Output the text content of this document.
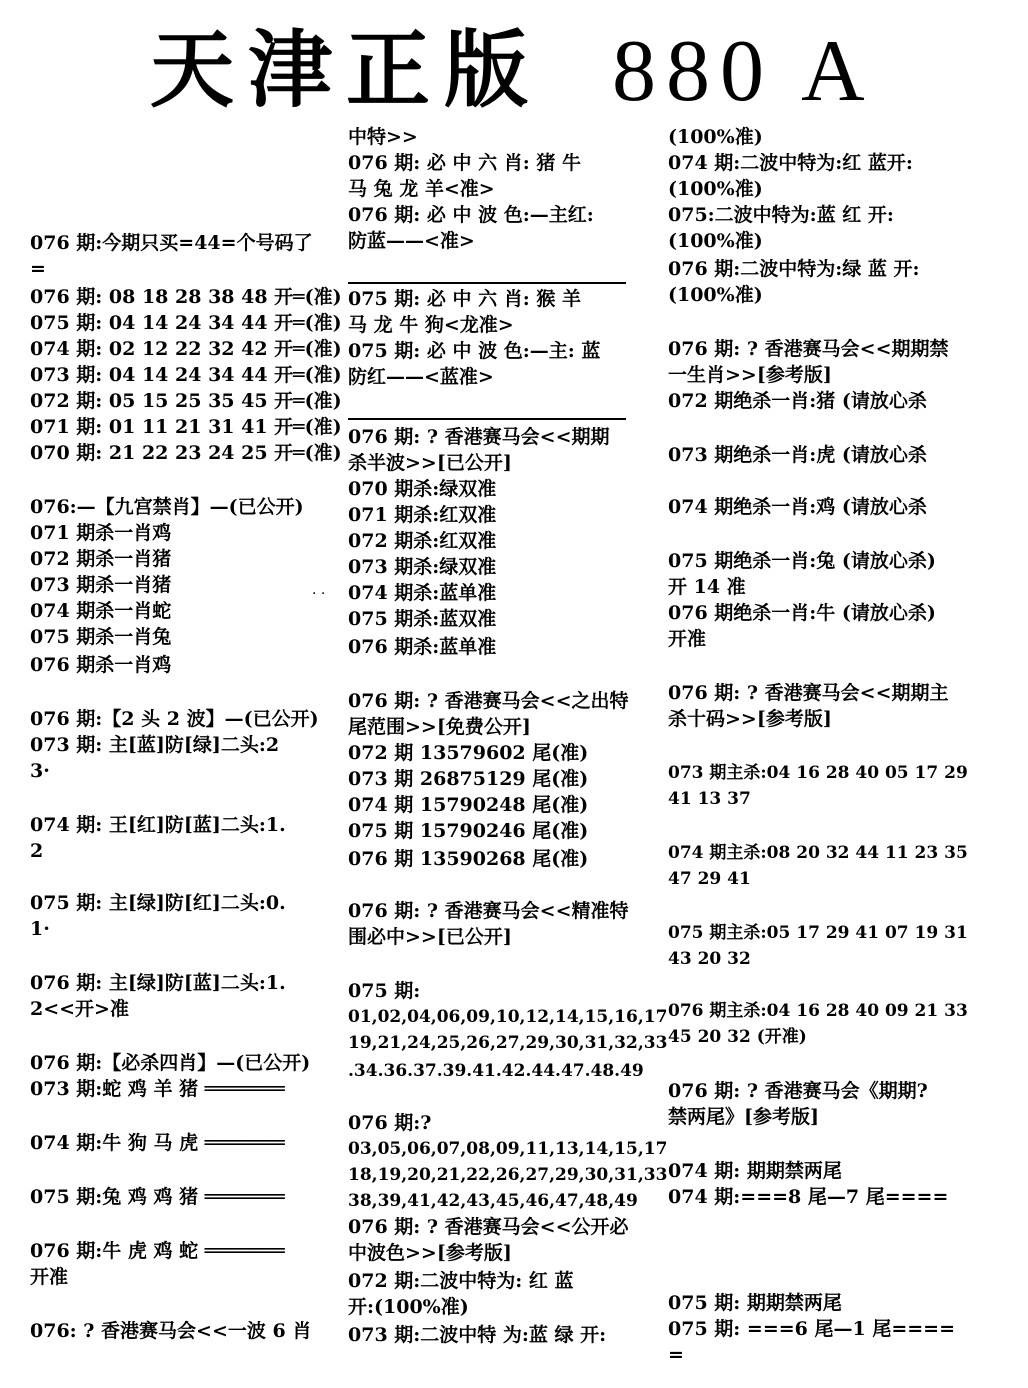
天津正版 880 A
076 期:今期只买=44=个号码了
=
076 期: 08 18 28 38 48 开═(准)
075 期: 04 14 24 34 44 开═(准)
074 期: 02 12 22 32 42 开═(准)
073 期: 04 14 24 34 44 开═(准)
072 期: 05 15 25 35 45 开═(准)
071 期: 01 11 21 31 41 开═(准)
070 期: 21 22 23 24 25 开═(准)
076:—【九宫禁肖】—(已公开)
071 期杀一肖鸡
072 期杀一肖猪
073 期杀一肖猪
074 期杀一肖蛇
075 期杀一肖兔
076 期杀一肖鸡
076 期:【2 头 2 波】—(已公开)
073 期: 主[蓝]防[绿]二头:2
3·
074 期: 王[红]防[蓝]二头:1.
2
075 期: 主[绿]防[红]二头:0.
1·
076 期: 主[绿]防[蓝]二头:1.
2<<开>准
076 期:【必杀四肖】—(已公开)
073 期:蛇 鸡 羊 猪 ═══════
074 期:牛 狗 马 虎 ═══════
075 期:兔 鸡 鸡 猪 ═══════
076 期:牛 虎 鸡 蛇 ═══════
开准
076: ? 香港赛马会<<一波 6 肖
· ·
中特>>
076 期: 必 中 六 肖: 猪 牛
马 兔 龙 羊<准>
076 期: 必 中 波 色:—主红:
防蓝——<准>
075 期: 必 中 六 肖: 猴 羊
马 龙 牛 狗<龙准>
075 期: 必 中 波 色:—主: 蓝
防红——<蓝准>
076 期: ? 香港赛马会<<期期
杀半波>>[已公开]
070 期杀:绿双准
071 期杀:红双准
072 期杀:红双准
073 期杀:绿双准
074 期杀:蓝单准
075 期杀:蓝双准
076 期杀:蓝单准
076 期: ? 香港赛马会<<之出特
尾范围>>[免费公开]
072 期 13579602 尾(准)
073 期 26875129 尾(准)
074 期 15790248 尾(准)
075 期 15790246 尾(准)
076 期 13590268 尾(准)
076 期: ? 香港赛马会<<精准特
围必中>>[已公开]
075 期:
01,02,04,06,09,10,12,14,15,16,17
19,21,24,25,26,27,29,30,31,32,33
.34.36.37.39.41.42.44.47.48.49
076 期:?
03,05,06,07,08,09,11,13,14,15,17
18,19,20,21,22,26,27,29,30,31,33
38,39,41,42,43,45,46,47,48,49
076 期: ? 香港赛马会<<公开必
中波色>>[参考版]
072 期:二波中特为: 红 蓝
开:(100%准)
073 期:二波中特 为:蓝 绿 开:
(100%准)
074 期:二波中特为:红 蓝开:
(100%准)
075:二波中特为:蓝 红 开:
(100%准)
076 期:二波中特为:绿 蓝 开:
(100%准)
076 期: ? 香港赛马会<<期期禁
一生肖>>[参考版]
072 期绝杀一肖:猪 (请放心杀
073 期绝杀一肖:虎 (请放心杀
074 期绝杀一肖:鸡 (请放心杀
075 期绝杀一肖:兔 (请放心杀)
开 14 准
076 期绝杀一肖:牛 (请放心杀)
开准
076 期: ? 香港赛马会<<期期主
杀十码>>[参考版]
073 期主杀:04 16 28 40 05 17 29
41 13 37
074 期主杀:08 20 32 44 11 23 35
47 29 41
075 期主杀:05 17 29 41 07 19 31
43 20 32
076 期主杀:04 16 28 40 09 21 33
45 20 32 (开准)
076 期: ? 香港赛马会《期期?
禁两尾》[参考版]
074 期: 期期禁两尾
074 期:===8 尾—7 尾====
075 期: 期期禁两尾
075 期: ===6 尾—1 尾====
=
